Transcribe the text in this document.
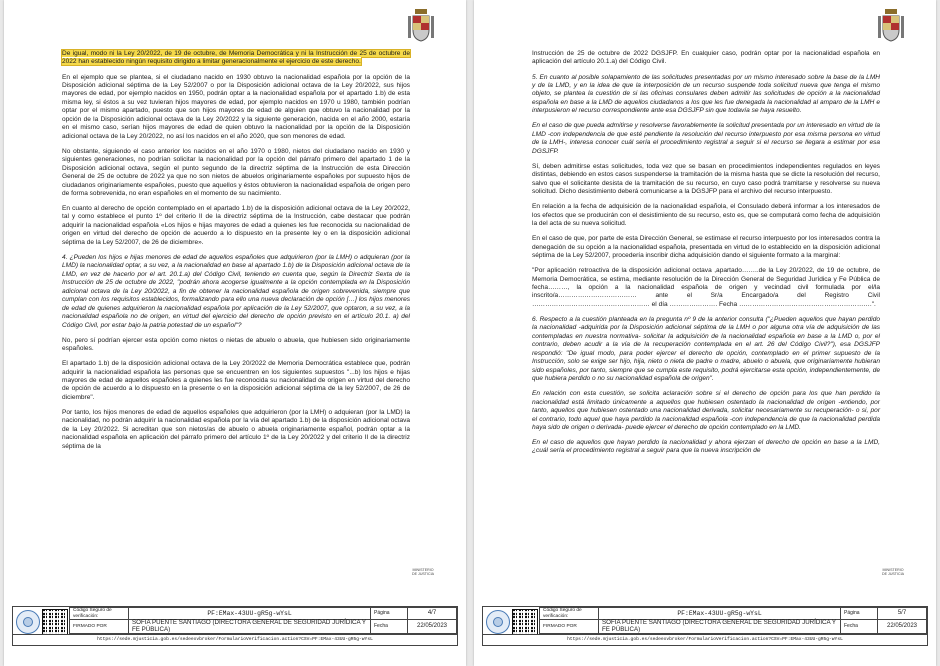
De igual, modo ni la Ley 20/2022, de 19 de octubre, de Memoria Democrática y ni la Instrucción de 25 de octubre de 2022 han establecido ningún requisito dirigido a limitar generacionalmente el ejercicio de este derecho.

En el ejemplo que se plantea, si el ciudadano nacido en 1930 obtuvo la nacionalidad española por la opción de la Disposición adicional séptima de la Ley 52/2007 o por la Disposición adicional octava de la Ley 20/2022, sus hijos mayores de edad, por ejemplo nacidos en 1950, podrán optar a la nacionalidad española por el apartado 1.b) de esta misma ley, si éstos a su vez tuvieran hijos mayores de edad, por ejemplo nacidos en 1970 u 1980, también podrían optar por el mismo apartado, puesto que son hijos mayores de edad de alguien que obtuvo la nacionalidad por la opción de la Disposición adicional octava de la Ley 20/2022 y la siguiente generación, nacida en el año 2000, estaría en el mismo caso, serían hijos mayores de edad de quien obtuvo la nacionalidad por la opción de la Disposición adicional octava de la Ley 20/2022, no así los nacidos en el año 2020, que son menores de edad.

No obstante, siguiendo el caso anterior los nacidos en el año 1970 o 1980, nietos del ciudadano nacido en 1930 y siguientes generaciones, no podrían solicitar la nacionalidad por la opción del párrafo primero del apartado 1 de la Disposición adicional octava, según el punto segundo de la directriz séptima de la Instrucción de esta Dirección General de 25 de octubre de 2022 ya que no son nietos de abuelos originariamente españoles por supuesto hijos de ciudadanos originariamente españoles, puesto que aquellos y éstos obtuvieron la nacionalidad española de origen pero de forma sobrevenida, no eran españoles en el momento de su nacimiento.

En cuanto al derecho de opción contemplado en el apartado 1.b) de la disposición adicional octava de la Ley 20/2022, tal y como establece el punto 1º del criterio II de la directriz séptima de la Instrucción, cabe destacar que podrán adquirir la nacionalidad española «Los hijos e hijas mayores de edad a quienes les fue reconocida su nacionalidad de origen en virtud del derecho de opción de acuerdo a lo dispuesto en la presente ley o en la disposición adicional séptima de la Ley 52/2007, de 26 de diciembre».

4. ¿Pueden los hijos e hijas menores de edad de aquellos españoles que adquirieron (por la LMH) o adquieran (por la LMD) la nacionalidad optar, a su vez, a la nacionalidad en base al apartado 1.b) de la Disposición adicional octava de la LMD, en vez de hacerlo por el art. 20.1.a) del Código Civil, teniendo en cuenta que, según la Directriz Sexta de la Instrucción de 25 de octubre de 2022, "podrán ahora acogerse igualmente a la opción contemplada en la Disposición adicional octava de la Ley 20/2022, a fin de obtener la nacionalidad española de origen sobrevenida, siempre que cumplan con los requisitos establecidos, formalizando para ello una nueva declaración de opción […] los hijos menores de edad de quienes adquirieron la nacionalidad española por aplicación de la Ley 52/2007, que optaron, a su vez, a la nacionalidad española no de origen, en virtud del ejercicio del derecho de opción previsto en el artículo 20.1. a) del Código Civil, por estar bajo la patria potestad de un español"?

No, pero sí podrían ejercer esta opción como nietos o nietas de abuelo o abuela, que hubiesen sido originariamente españoles.

El apartado 1.b) de la disposición adicional octava de la Ley 20/2022 de Memoria Democrática establece que, podrán adquirir la nacionalidad española las personas que se encuentren en los siguientes supuestos "...b) los hijos e hijas mayores de edad de aquellos españoles a quienes les fue reconocida su nacionalidad de origen en virtud del derecho de opción de acuerdo a lo dispuesto en la presente o en la disposición adicional séptima de la ley 52/2007, de 26 de diciembre".

Por tanto, los hijos menores de edad de aquellos españoles que adquirieron (por la LMH) o adquieran (por la LMD) la nacionalidad, no podrán adquirir la nacionalidad española por la vía del apartado 1.b) de la disposición adicional octava de la Ley 20/2022. Si acreditan que son nietos/as de abuelo o abuela originariamente español, podrán optar a la nacionalidad española en aplicación del párrafo primero del artículo 1º de la Ley 20/2022 y del criterio II de la directriz séptima de la

MINISTERIO
DE JUSTICIA
Código Seguro de verificación:	PF:EMax-43UU-gR5g-wYsL	Página	4/7
FIRMADO POR	SOFIA PUENTE SANTIAGO (DIRECTORA GENERAL DE SEGURIDAD JURÍDICA Y FE PÚBLICA)	Fecha	22/05/2023
https://sede.mjusticia.gob.es/sedeexvbroker/FormularioVerificacion.action?CSV=PF:EMax-43UU-gR5g-wYsL

Instrucción de 25 de octubre de 2022 DGSJFP. En cualquier caso, podrán optar por la nacionalidad española en aplicación del artículo 20.1.a) del Código Civil.

5. En cuanto al posible solapamiento de las solicitudes presentadas por un mismo interesado sobre la base de la LMH y de la LMD, y en la idea de que la interposición de un recurso suspende toda solicitud nueva que tenga el mismo objeto, se plantea la cuestión de si las oficinas consulares deben admitir las solicitudes de opción a la nacionalidad española en base a la LMD de aquellos ciudadanos a los que les fue denegada la nacionalidad al amparo de la LMH e interpusieron el recurso correspondiente ante esa DGSJFP sin que todavía se haya resuelto.

En el caso de que pueda admitirse y resolverse favorablemente la solicitud presentada por un interesado en virtud de la LMD -con independencia de que esté pendiente la resolución del recurso interpuesto por esa misma persona en virtud de la LMH-, interesa conocer cuál sería el procedimiento registral a seguir si el recurso se llegara a estimar por esa DGSJFP.

Sí, deben admitirse estas solicitudes, toda vez que se basan en procedimientos independientes regulados en leyes distintas, debiendo en estos casos suspenderse la tramitación de la misma hasta que se dicte la resolución del recurso, salvo que el solicitante desista de la tramitación de su recurso, en cuyo caso podrá tramitarse y resolverse su nueva solicitud. Dicho desistimiento deberá comunicarse a la DGSJFP para el archivo del recurso interpuesto.

En relación a la fecha de adquisición de la nacionalidad española, el Consulado deberá informar a los interesados de los efectos que se producirán con el desistimiento de su recurso, esto es, que se computará como fecha de adquisición la del acta de su nueva solicitud.

En el caso de que, por parte de esta Dirección General, se estimase el recurso interpuesto por los interesados contra la denegación de su opción a la nacionalidad española, presentada en virtud de lo establecido en la disposición adicional séptima de la Ley 52/2007, procedería inscribir dicha adquisición dando el siguiente formato a la marginal:

"Por aplicación retroactiva de la disposición adicional octava ,apartado……..de la Ley 20/2022, de 19 de octubre, de Memoria Democrática, se estima, mediante resolución de la Dirección General de Seguridad Jurídica y Fe Pública de fecha………, la opción a la nacionalidad española de origen y vecindad civil formulada por el/la inscrito/a……………………………… ante el Sr/a Encargado/a del Registro Civil ……………………………………………… el día …………………. Fecha …………………………………………………….".

6. Respecto a la cuestión planteada en la pregunta nº 9 de la anterior consulta ("¿Pueden aquellos que hayan perdido la nacionalidad -adquirida por la Disposición adicional séptima de la LMH o por alguna otra vía de adquisición de las contempladas en nuestra normativa- solicitar la adquisición de la nacionalidad española en base a la LMD o, por el contrario, deben acudir a la vía de la recuperación contemplada en el art. 26 del Código Civil?"), esa DGSJFP respondió: "De igual modo, para poder ejercer el derecho de opción, contemplado en el primer supuesto de la Instrucción, solo se exige ser hijo, hija, nieto o nieta de padre o madre, abuelo o abuela, que originariamente hubieran sido españoles, por tanto, siempre que se cumpla este requisito, podrá ejercitarse esta opción, independientemente, de que hubiera perdido o no su nacionalidad española de origen".

En relación con esta cuestión, se solicita aclaración sobre si el derecho de opción para los que han perdido la nacionalidad está limitado únicamente a aquellos que hubiesen ostentado la nacionalidad de origen -entiendo, por tanto, aquellos que hubiesen ostentado una nacionalidad derivada, solicitar necesariamente su recuperación- o si, por el contrario, todo aquel que haya perdido la nacionalidad española -con independencia de que la nacionalidad perdida haya sido de origen o derivada- puede ejercer el derecho de opción contemplado en la LMD.

En el caso de aquellos que hayan perdido la nacionalidad y ahora ejerzan el derecho de opción en base a la LMD, ¿cuál sería el procedimiento registral a seguir para que la nueva inscripción de

MINISTERIO
DE JUSTICIA
Código Seguro de verificación:	PF:EMax-43UU-gR5g-wYsL	Página	5/7
FIRMADO POR	SOFIA PUENTE SANTIAGO (DIRECTORA GENERAL DE SEGURIDAD JURÍDICA Y FE PÚBLICA)	Fecha	22/05/2023
https://sede.mjusticia.gob.es/sedeexvbroker/FormularioVerificacion.action?CSV=PF:EMax-43UU-gR5g-wYsL
